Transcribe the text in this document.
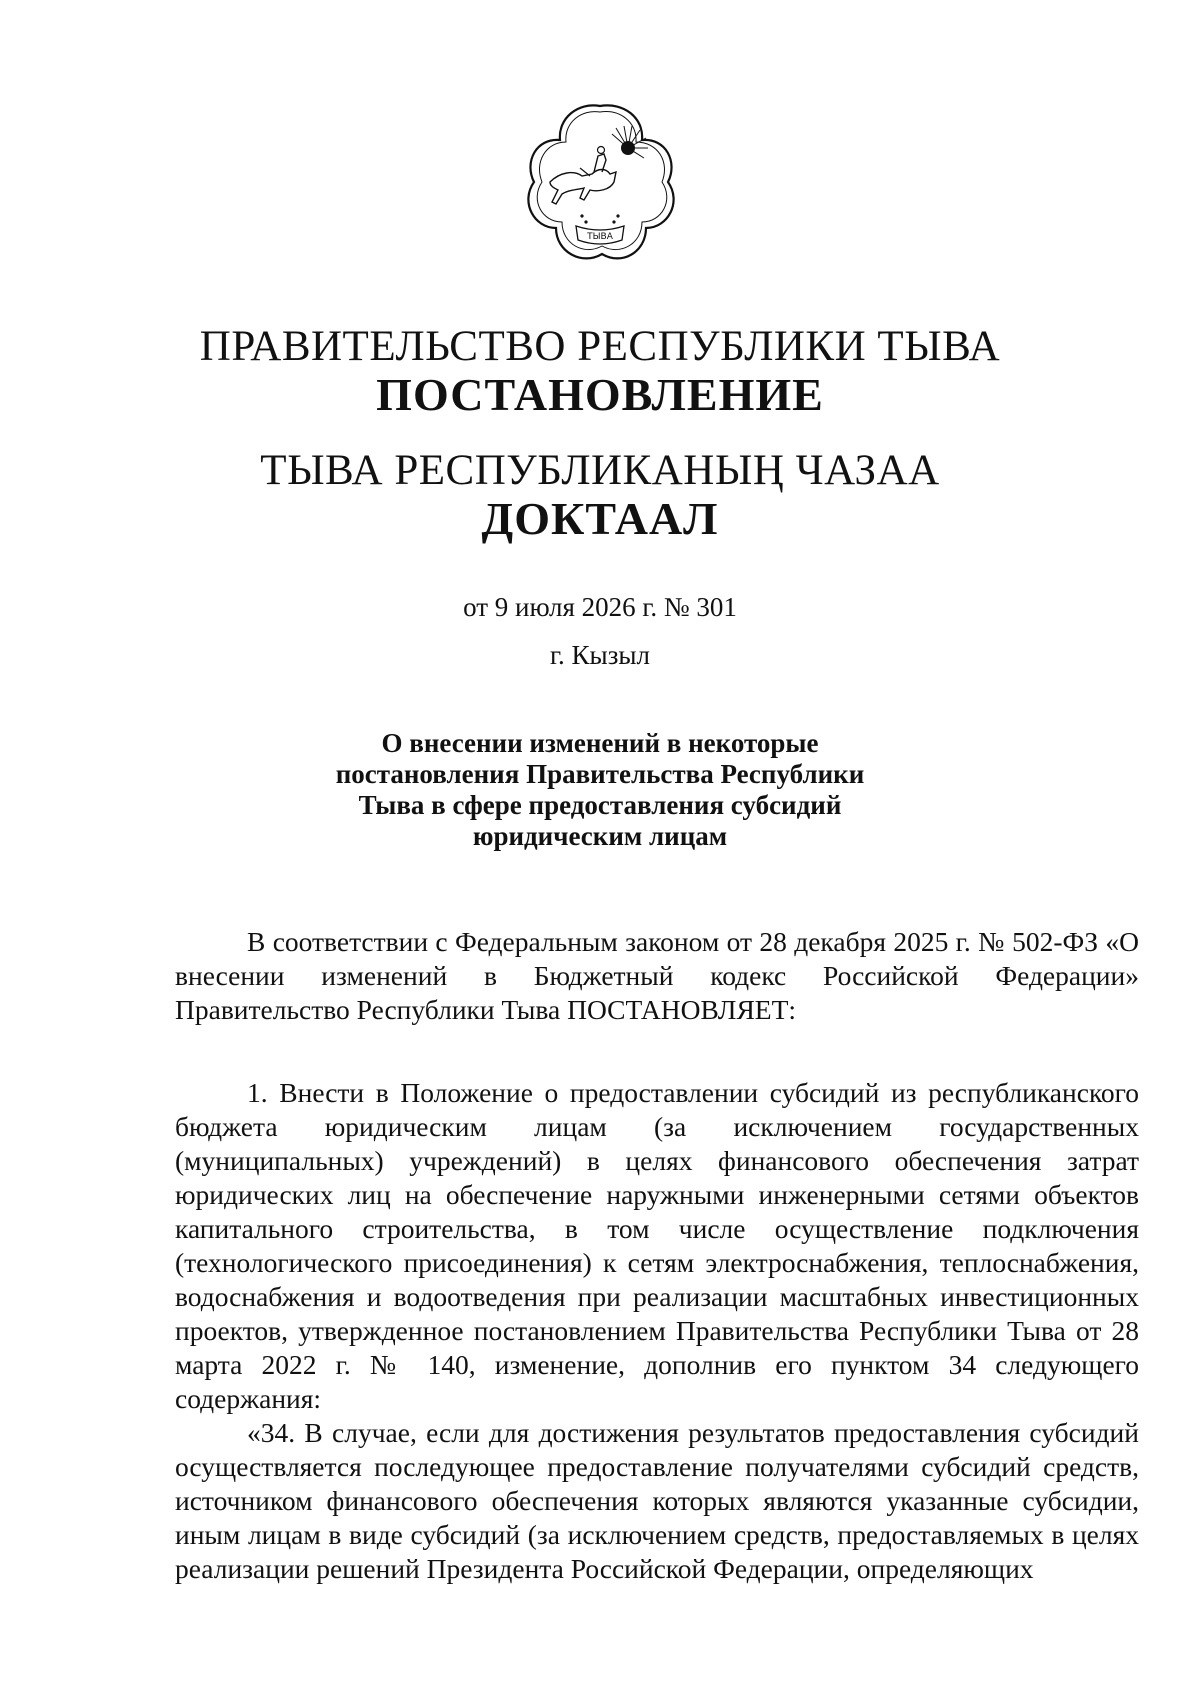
ТЫВА
ПРАВИТЕЛЬСТВО РЕСПУБЛИКИ ТЫВА
ПОСТАНОВЛЕНИЕ
ТЫВА РЕСПУБЛИКАНЫҢ ЧАЗАА
ДОКТААЛ
от 9 июля 2026 г. № 301
г. Кызыл
О внесении изменений в некоторые
постановления Правительства Республики
Тыва в сфере предоставления субсидий
юридическим лицам

В соответствии с Федеральным законом от 28 декабря 2025 г. № 502-ФЗ «О внесении изменений в Бюджетный кодекс Российской Федерации» Правительство Республики Тыва ПОСТАНОВЛЯЕТ:

1. Внести в Положение о предоставлении субсидий из республиканского бюджета юридическим лицам (за исключением государственных (муниципальных) учреждений) в целях финансового обеспечения затрат юридических лиц на обеспечение наружными инженерными сетями объектов капитального строительства, в том числе осуществление подключения (технологического присоединения) к сетям электроснабжения, теплоснабжения, водоснабжения и водоотведения при реализации масштабных инвестиционных проектов, утвержденное постановлением Правительства Республики Тыва от 28 марта 2022 г. № 140, изменение, дополнив его пунктом 34 следующего содержания:

«34. В случае, если для достижения результатов предоставления субсидий осуществляется последующее предоставление получателями субсидий средств, источником финансового обеспечения которых являются указанные субсидии, иным лицам в виде субсидий (за исключением средств, предоставляемых в целях реализации решений Президента Российской Федерации, определяющих
